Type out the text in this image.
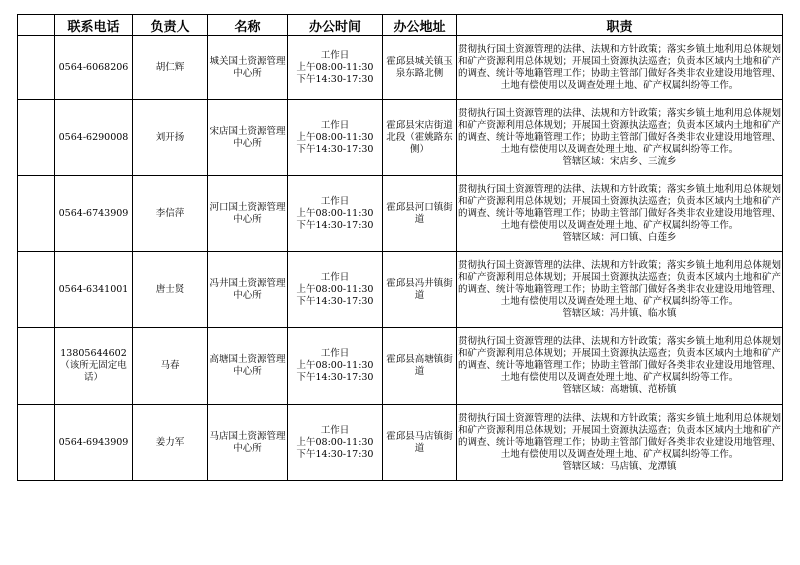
	联系电话	负责人	名称	办公时间	办公地址	职责
	0564-6068206	胡仁辉	城关国土资源管理中心所	工作日
上午08:00-11:30
下午14:30-17:30	霍邱县城关镇玉泉东路北侧	贯彻执行国土资源管理的法律、法规和方针政策；落实乡镇土地利用总体规划和矿产资源利用总体规划；开展国土资源执法巡查；负责本区域内土地和矿产的调查、统计等地籍管理工作；协助主管部门做好各类非农业建设用地管理、土地有偿使用以及调查处理土地、矿产权属纠纷等工作。

	0564-6290008	刘开扬	宋店国土资源管理中心所	工作日
上午08:00-11:30
下午14:30-17:30	霍邱县宋店街道北段（霍姚路东侧）	贯彻执行国土资源管理的法律、法规和方针政策；落实乡镇土地利用总体规划和矿产资源利用总体规划；开展国土资源执法巡查；负责本区域内土地和矿产的调查、统计等地籍管理工作；协助主管部门做好各类非农业建设用地管理、土地有偿使用以及调查处理土地、矿产权属纠纷等工作。
管辖区域：宋店乡、三流乡

	0564-6743909	李信萍	河口国土资源管理中心所	工作日
上午08:00-11:30
下午14:30-17:30	霍邱县河口镇街道	贯彻执行国土资源管理的法律、法规和方针政策；落实乡镇土地利用总体规划和矿产资源利用总体规划；开展国土资源执法巡查；负责本区域内土地和矿产的调查、统计等地籍管理工作；协助主管部门做好各类非农业建设用地管理、土地有偿使用以及调查处理土地、矿产权属纠纷等工作。
管辖区域：河口镇、白莲乡

	0564-6341001	唐士贤	冯井国土资源管理中心所	工作日
上午08:00-11:30
下午14:30-17:30	霍邱县冯井镇街道	贯彻执行国土资源管理的法律、法规和方针政策；落实乡镇土地利用总体规划和矿产资源利用总体规划；开展国土资源执法巡查；负责本区域内土地和矿产的调查、统计等地籍管理工作；协助主管部门做好各类非农业建设用地管理、土地有偿使用以及调查处理土地、矿产权属纠纷等工作。
管辖区域：冯井镇、临水镇

	13805644602（该所无固定电话）	马春	高塘国土资源管理中心所	工作日
上午08:00-11:30
下午14:30-17:30	霍邱县高塘镇街道	贯彻执行国土资源管理的法律、法规和方针政策；落实乡镇土地利用总体规划和矿产资源利用总体规划；开展国土资源执法巡查；负责本区域内土地和矿产的调查、统计等地籍管理工作；协助主管部门做好各类非农业建设用地管理、土地有偿使用以及调查处理土地、矿产权属纠纷等工作。
管辖区域：高塘镇、范桥镇

	0564-6943909	姜力军	马店国土资源管理中心所	工作日
上午08:00-11:30
下午14:30-17:30	霍邱县马店镇街道	贯彻执行国土资源管理的法律、法规和方针政策；落实乡镇土地利用总体规划和矿产资源利用总体规划；开展国土资源执法巡查；负责本区域内土地和矿产的调查、统计等地籍管理工作；协助主管部门做好各类非农业建设用地管理、土地有偿使用以及调查处理土地、矿产权属纠纷等工作。
管辖区域：马店镇、龙潭镇
